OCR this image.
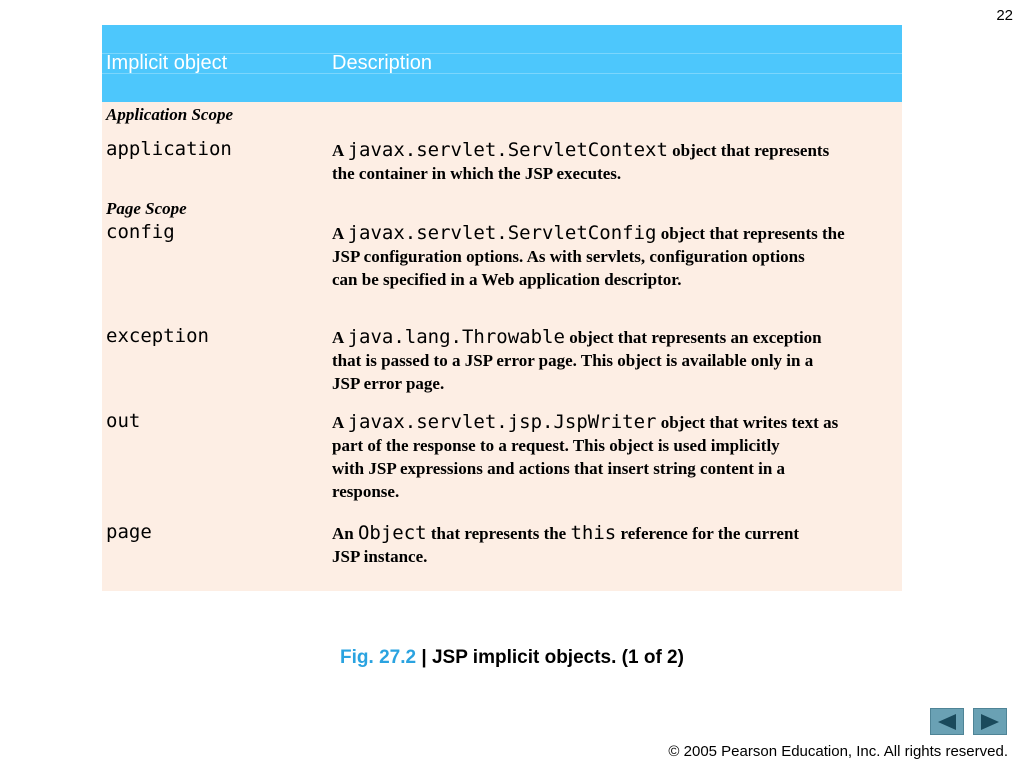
22
Implicit object	Description
Application Scope
application	A javax.servlet.ServletContext object that represents
the container in which the JSP executes.
Page Scope
config	A javax.servlet.ServletConfig object that represents the
JSP configuration options. As with servlets, configuration options
can be specified in a Web application descriptor.
exception	A java.lang.Throwable object that represents an exception
that is passed to a JSP error page. This object is available only in a
JSP error page.
out	A javax.servlet.jsp.JspWriter object that writes text as
part of the response to a request. This object is used implicitly
with JSP expressions and actions that insert string content in a
response.
page	An Object that represents the this reference for the current
JSP instance.
Fig. 27.2 | JSP implicit objects. (1 of 2)
© 2005 Pearson Education, Inc. All rights reserved.
